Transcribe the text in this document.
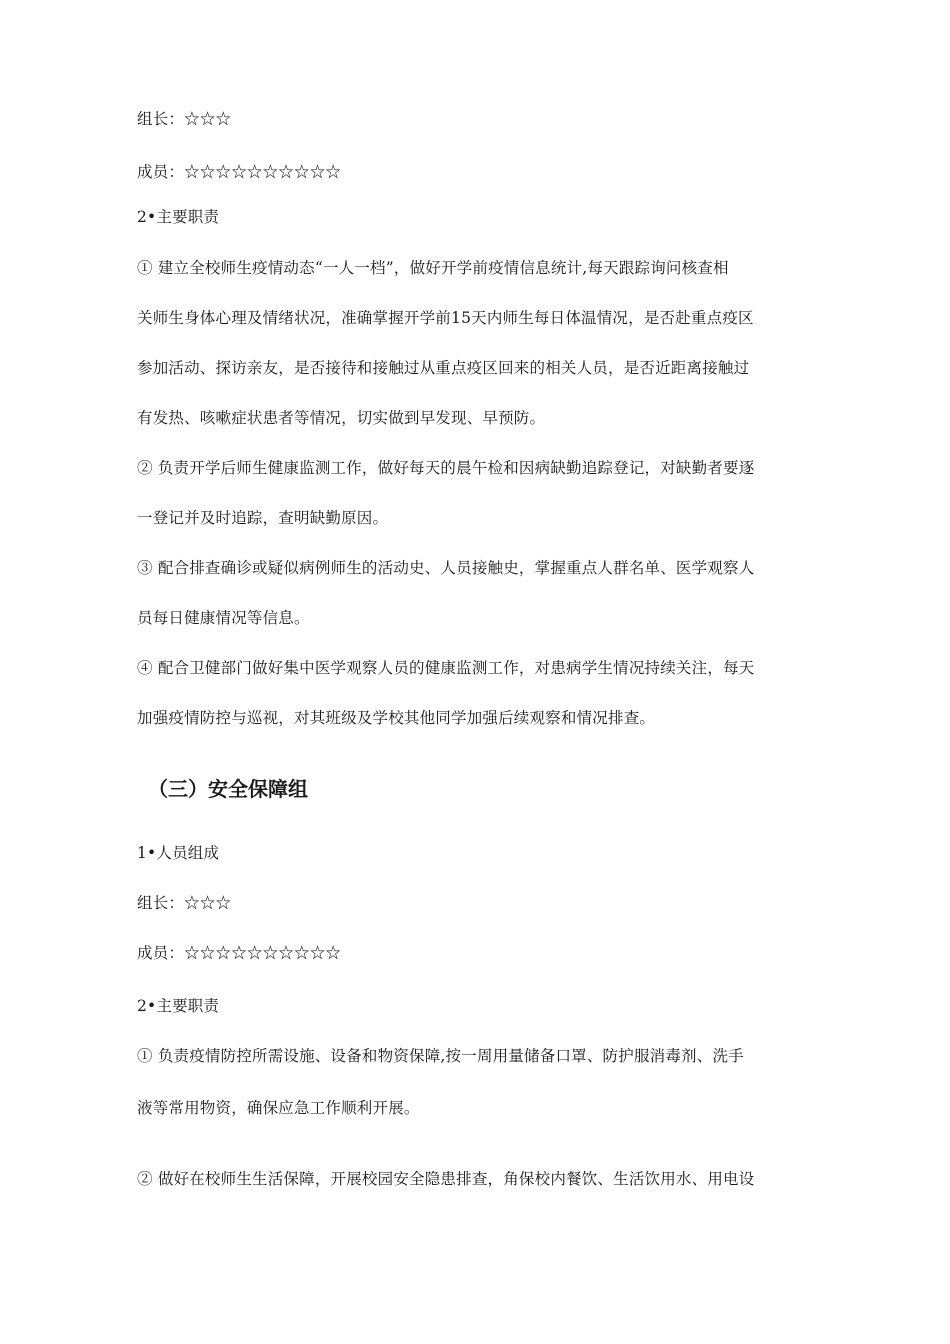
组长：☆☆☆
成员：☆☆☆☆☆☆☆☆☆☆
2•主要职责
① 建立全校师生疫情动态“一人一档”，做好开学前疫情信息统计,每天跟踪询问核查相
关师生身体心理及情绪状况，准确掌握开学前15天内师生每日体温情况，是否赴重点疫区
参加活动、探访亲友，是否接待和接触过从重点疫区回来的相关人员，是否近距离接触过
有发热、咳嗽症状患者等情况，切实做到早发现、早预防。
② 负责开学后师生健康监测工作，做好每天的晨午检和因病缺勤追踪登记，对缺勤者要逐
一登记并及时追踪，查明缺勤原因。
③ 配合排查确诊或疑似病例师生的活动史、人员接触史，掌握重点人群名单、医学观察人
员每日健康情况等信息。
④ 配合卫健部门做好集中医学观察人员的健康监测工作，对患病学生情况持续关注，每天
加强疫情防控与巡视，对其班级及学校其他同学加强后续观察和情况排查。
（三）安全保障组
1•人员组成
组长：☆☆☆
成员：☆☆☆☆☆☆☆☆☆☆
2•主要职责
① 负责疫情防控所需设施、设备和物资保障,按一周用量储备口罩、防护服消毒剂、洗手
液等常用物资，确保应急工作顺利开展。
② 做好在校师生生活保障，开展校园安全隐患排查，角保校内餐饮、生活饮用水、用电设
